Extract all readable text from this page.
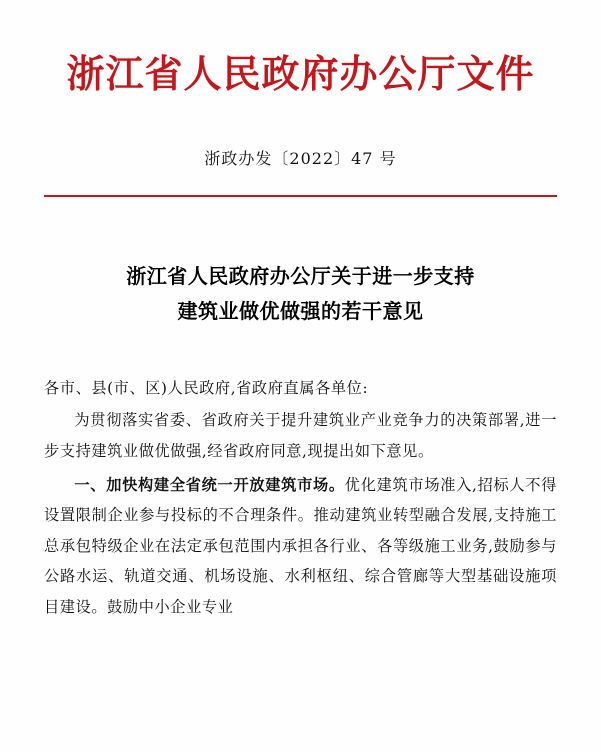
浙江省人民政府办公厅文件
浙政办发〔2022〕47 号
浙江省人民政府办公厅关于进一步支持
建筑业做优做强的若干意见

各市、县(市、区)人民政府,省政府直属各单位:

为贯彻落实省委、省政府关于提升建筑业产业竞争力的决策部署,进一步支持建筑业做优做强,经省政府同意,现提出如下意见。

一、加快构建全省统一开放建筑市场。优化建筑市场准入,招标人不得设置限制企业参与投标的不合理条件。推动建筑业转型融合发展,支持施工总承包特级企业在法定承包范围内承担各行业、各等级施工业务,鼓励参与公路水运、轨道交通、机场设施、水利枢纽、综合管廊等大型基础设施项目建设。鼓励中小企业专业
